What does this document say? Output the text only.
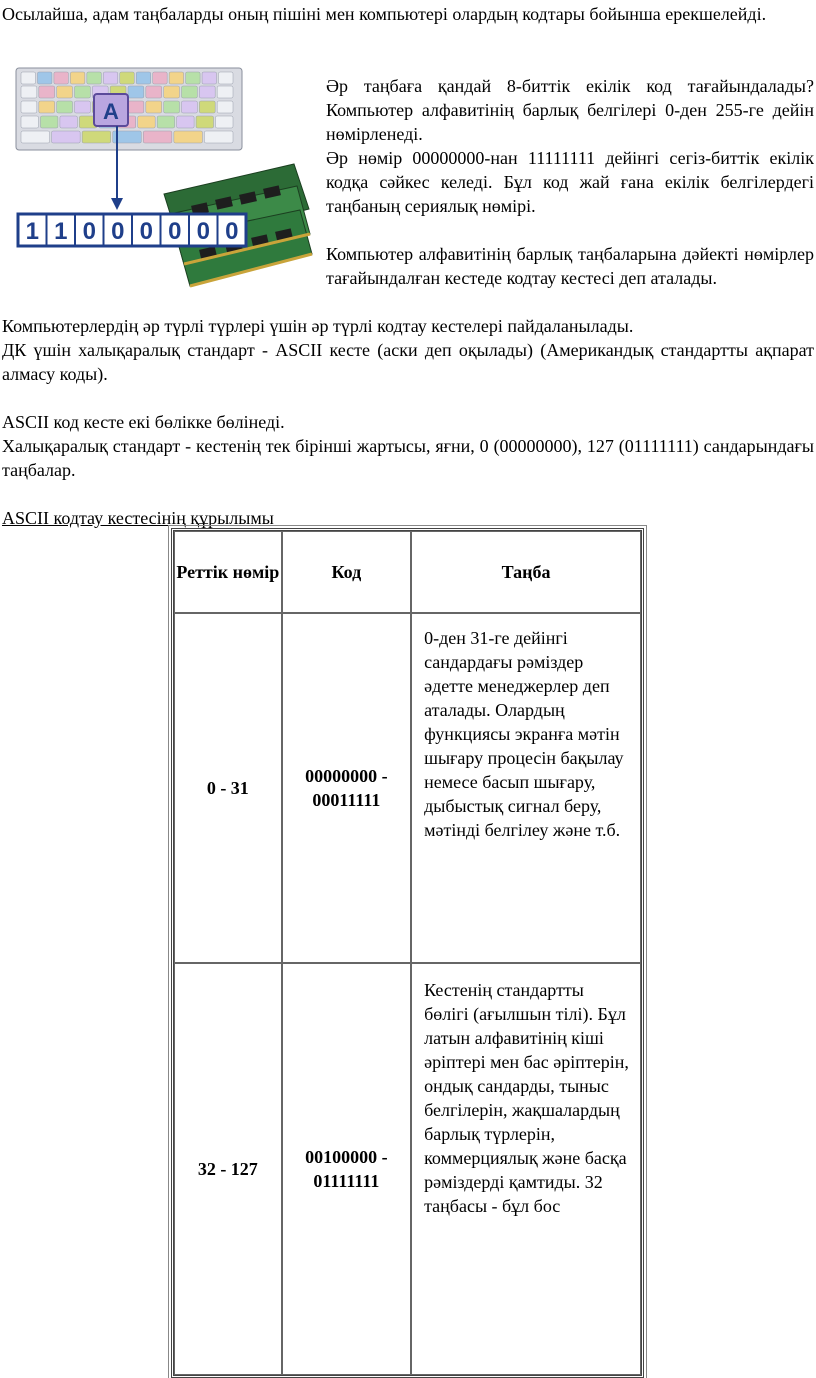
Осылайша, адам таңбаларды оның пішіні мен компьютері олардың кодтары бойынша ерекшелейді.

A
1 1 0 0 0 0 0 0

Әр таңбаға қандай 8-биттік екілік код тағайындалады? Компьютер алфавитінің барлық белгілері 0-ден 255-ге дейін нөмірленеді.

Әр нөмір 00000000-нан 11111111 дейінгі сегіз-биттік екілік кодқа сәйкес келеді. Бұл код жай ғана екілік белгілердегі таңбаның сериялық нөмірі.

Компьютер алфавитінің барлық таңбаларына дәйекті нөмірлер тағайындалған кестеде кодтау кестесі деп аталады.

Компьютерлердің әр түрлі түрлері үшін әр түрлі кодтау кестелері пайдаланылады.

ДК үшін халықаралық стандарт - ASCII кесте (аски деп оқылады) (Американдық стандартты ақпарат алмасу коды).

ASCII код кесте екі бөлікке бөлінеді.

Халықаралық стандарт - кестенің тек бірінші жартысы, яғни, 0 (00000000), 127 (01111111) сандарындағы таңбалар.

ASCII кодтау кестесінің құрылымы

Реттік нөмір	Код	Таңба
0 - 31	00000000 - 00011111	0-ден 31-ге дейінгі сандардағы рәміздер әдетте менеджерлер деп аталады. Олардың функциясы экранға мәтін шығару процесін бақылау немесе басып шығару, дыбыстық сигнал беру, мәтінді белгілеу және т.б.
32 - 127	00100000 - 01111111	Кестенің стандартты бөлігі (ағылшын тілі). Бұл латын алфавитінің кіші әріптері мен бас әріптерін, ондық сандарды, тыныс белгілерін, жақшалардың барлық түрлерін, коммерциялық және басқа рәміздерді қамтиды. 32 таңбасы - бұл бос
